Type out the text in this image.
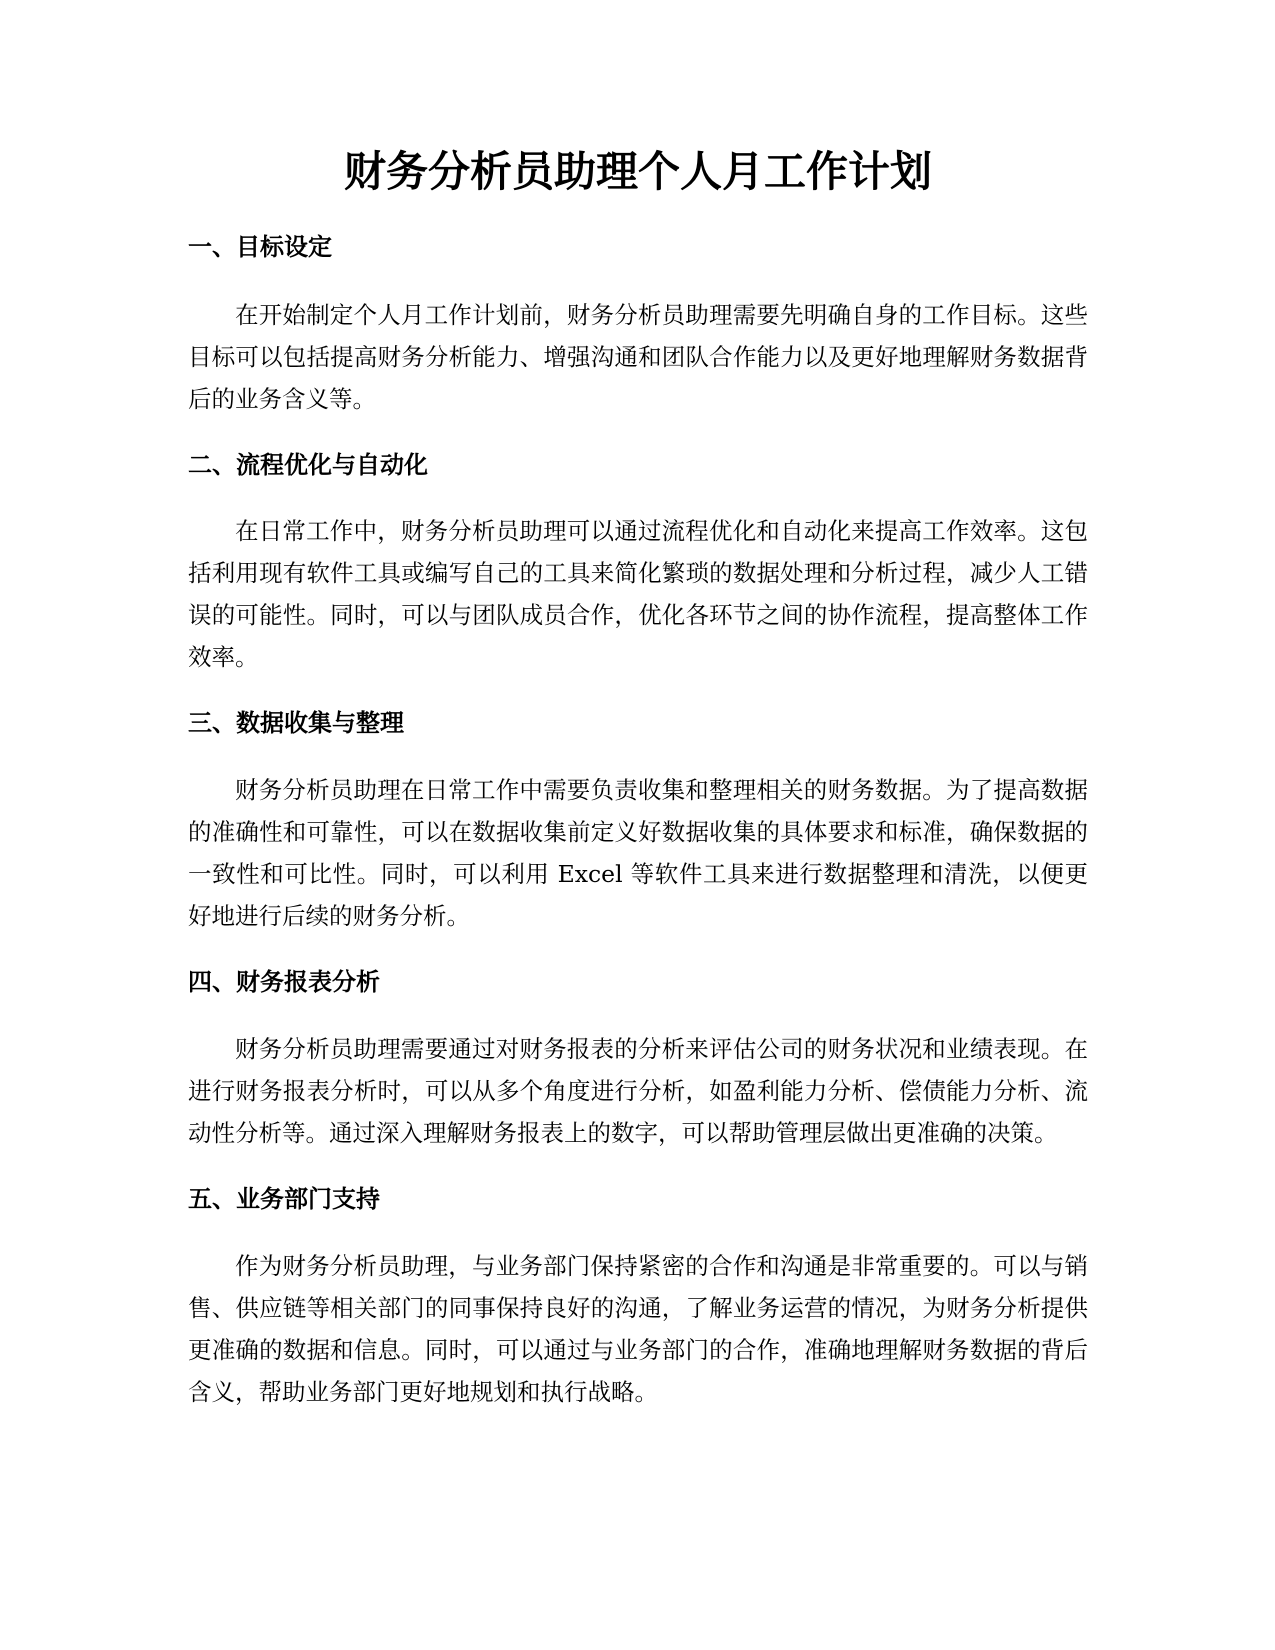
财务分析员助理个人月工作计划
一、目标设定

在开始制定个人月工作计划前，财务分析员助理需要先明确自身的工作目标。这些目标可以包括提高财务分析能力、增强沟通和团队合作能力以及更好地理解财务数据背后的业务含义等。

二、流程优化与自动化

在日常工作中，财务分析员助理可以通过流程优化和自动化来提高工作效率。这包括利用现有软件工具或编写自己的工具来简化繁琐的数据处理和分析过程，减少人工错误的可能性。同时，可以与团队成员合作，优化各环节之间的协作流程，提高整体工作效率。

三、数据收集与整理

财务分析员助理在日常工作中需要负责收集和整理相关的财务数据。为了提高数据的准确性和可靠性，可以在数据收集前定义好数据收集的具体要求和标准，确保数据的一致性和可比性。同时，可以利用 Excel 等软件工具来进行数据整理和清洗，以便更好地进行后续的财务分析。

四、财务报表分析

财务分析员助理需要通过对财务报表的分析来评估公司的财务状况和业绩表现。在进行财务报表分析时，可以从多个角度进行分析，如盈利能力分析、偿债能力分析、流动性分析等。通过深入理解财务报表上的数字，可以帮助管理层做出更准确的决策。

五、业务部门支持

作为财务分析员助理，与业务部门保持紧密的合作和沟通是非常重要的。可以与销售、供应链等相关部门的同事保持良好的沟通，了解业务运营的情况，为财务分析提供更准确的数据和信息。同时，可以通过与业务部门的合作，准确地理解财务数据的背后含义，帮助业务部门更好地规划和执行战略。
